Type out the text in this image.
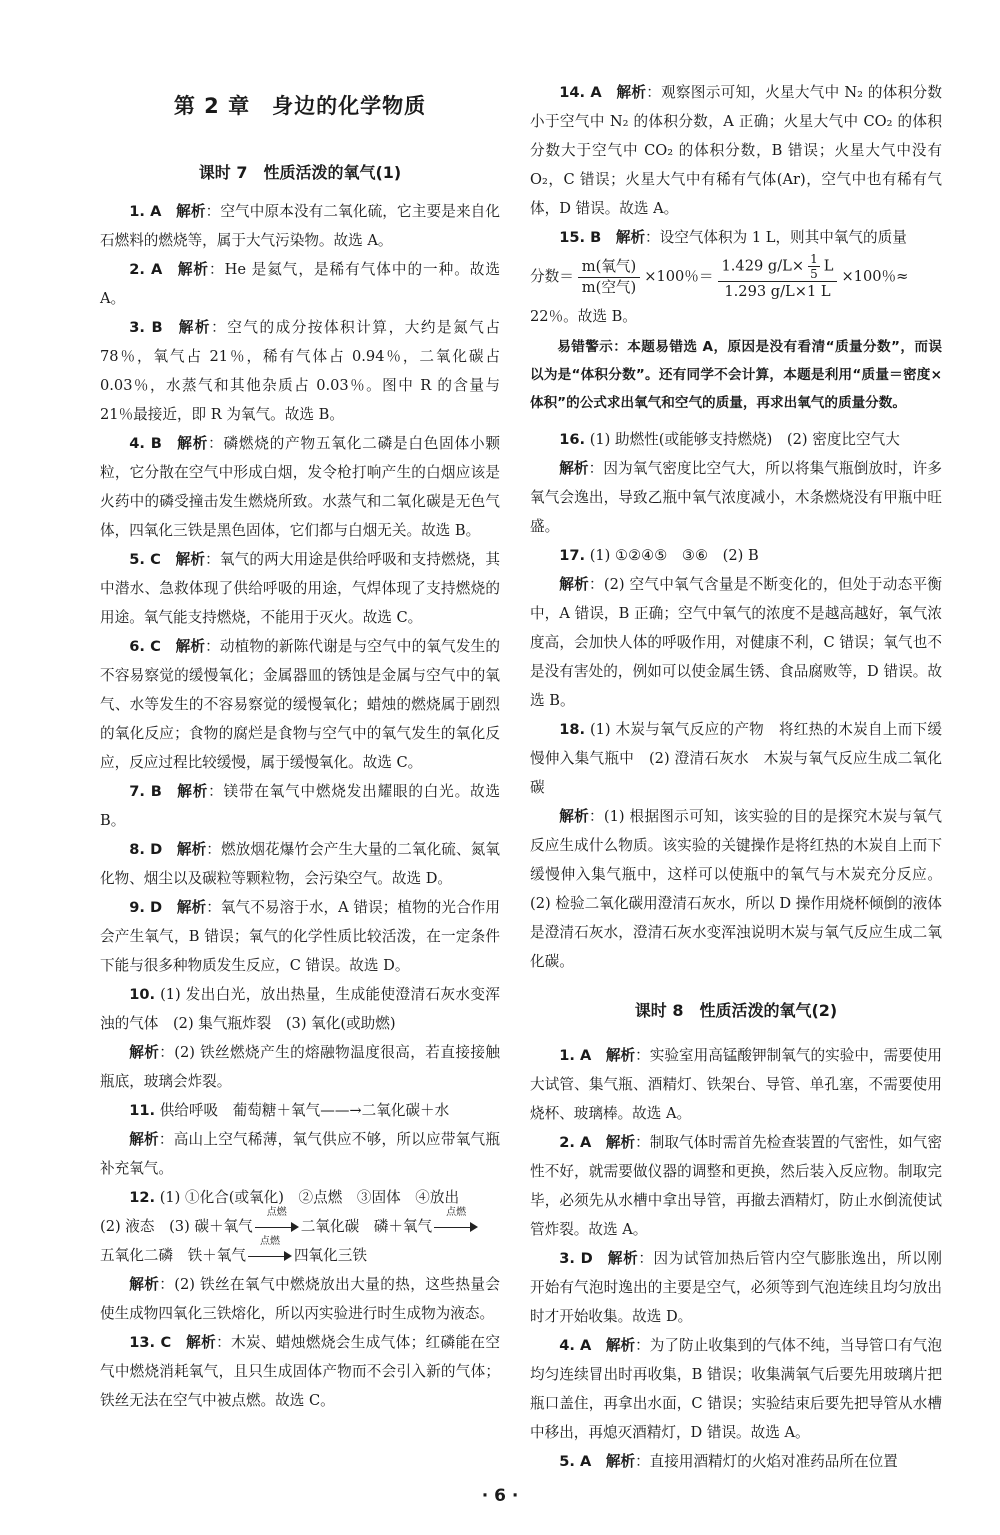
第 2 章　身边的化学物质
课时 7　性质活泼的氧气(1)

1. A  解析：空气中原本没有二氧化硫，它主要是来自化石燃料的燃烧等，属于大气污染物。故选 A。

2. A  解析：He 是氦气，是稀有气体中的一种。故选 A。

3. B  解析：空气的成分按体积计算，大约是氮气占 78％，氧气占 21％，稀有气体占 0.94％，二氧化碳占 0.03％，水蒸气和其他杂质占 0.03％。图中 R 的含量与 21％最接近，即 R 为氧气。故选 B。

4. B  解析：磷燃烧的产物五氧化二磷是白色固体小颗粒，它分散在空气中形成白烟，发令枪打响产生的白烟应该是火药中的磷受撞击发生燃烧所致。水蒸气和二氧化碳是无色气体，四氧化三铁是黑色固体，它们都与白烟无关。故选 B。

5. C  解析：氧气的两大用途是供给呼吸和支持燃烧，其中潜水、急救体现了供给呼吸的用途，气焊体现了支持燃烧的用途。氧气能支持燃烧，不能用于灭火。故选 C。

6. C  解析：动植物的新陈代谢是与空气中的氧气发生的不容易察觉的缓慢氧化；金属器皿的锈蚀是金属与空气中的氧气、水等发生的不容易察觉的缓慢氧化；蜡烛的燃烧属于剧烈的氧化反应；食物的腐烂是食物与空气中的氧气发生的氧化反应，反应过程比较缓慢，属于缓慢氧化。故选 C。

7. B  解析：镁带在氧气中燃烧发出耀眼的白光。故选 B。

8. D  解析：燃放烟花爆竹会产生大量的二氧化硫、氮氧化物、烟尘以及碳粒等颗粒物，会污染空气。故选 D。

9. D　解析：氧气不易溶于水，A 错误；植物的光合作用会产生氧气，B 错误；氧气的化学性质比较活泼，在一定条件下能与很多种物质发生反应，C 错误。故选 D。

10. (1) 发出白光，放出热量，生成能使澄清石灰水变浑浊的气体　(2) 集气瓶炸裂　(3) 氧化(或助燃)

解析：(2) 铁丝燃烧产生的熔融物温度很高，若直接接触瓶底，玻璃会炸裂。

11. 供给呼吸　葡萄糖＋氧气——→二氧化碳＋水

解析：高山上空气稀薄，氧气供应不够，所以应带氧气瓶补充氧气。

12. (1) ①化合(或氧化)　②点燃　③固体　④放出

(2) 液态　(3) 碳＋氧气
点燃
二氧化碳　磷＋氧气
点燃
五氧化二磷　铁＋氧气
点燃
四氧化三铁

解析：(2) 铁丝在氧气中燃烧放出大量的热，这些热量会使生成物四氧化三铁熔化，所以丙实验进行时生成物为液态。

13. C  解析：木炭、蜡烛燃烧会生成气体；红磷能在空气中燃烧消耗氧气，且只生成固体产物而不会引入新的气体；铁丝无法在空气中被点燃。故选 C。

14. A  解析：观察图示可知，火星大气中 N₂ 的体积分数小于空气中 N₂ 的体积分数，A 正确；火星大气中 CO₂ 的体积分数大于空气中 CO₂ 的体积分数，B 错误；火星大气中没有 O₂，C 错误；火星大气中有稀有气体(Ar)，空气中也有稀有气体，D 错误。故选 A。

15. B  解析：设空气体积为 1 L，则其中氧气的质量

分数＝ $\frac{\text{m(氧气)}}{\text{m(空气)}} \times 100$％＝ $\frac{1.429 g/L\times \frac{1}{5} L}{1.293 g/L\times 1 L} \times 100$％≈
22％。故选 B。
易错警示：本题易错选 A，原因是没有看清“质量分数”，而误以为是“体积分数”。还有同学不会计算，本题是利用“质量＝密度×体积”的公式求出氧气和空气的质量，再求出氧气的质量分数。

16. (1) 助燃性(或能够支持燃烧)　(2) 密度比空气大

解析：因为氧气密度比空气大，所以将集气瓶倒放时，许多氧气会逸出，导致乙瓶中氧气浓度减小，木条燃烧没有甲瓶中旺盛。

17. (1) ①②④⑤　③⑥　(2) B

解析：(2) 空气中氧气含量是不断变化的，但处于动态平衡中，A 错误，B 正确；空气中氧气的浓度不是越高越好，氧气浓度高，会加快人体的呼吸作用，对健康不利，C 错误；氧气也不是没有害处的，例如可以使金属生锈、食品腐败等，D 错误。故选 B。

18. (1) 木炭与氧气反应的产物　将红热的木炭自上而下缓慢伸入集气瓶中　(2) 澄清石灰水　木炭与氧气反应生成二氧化碳

解析：(1) 根据图示可知，该实验的目的是探究木炭与氧气反应生成什么物质。该实验的关键操作是将红热的木炭自上而下缓慢伸入集气瓶中，这样可以使瓶中的氧气与木炭充分反应。(2) 检验二氧化碳用澄清石灰水，所以 D 操作用烧杯倾倒的液体是澄清石灰水，澄清石灰水变浑浊说明木炭与氧气反应生成二氧化碳。

课时 8　性质活泼的氧气(2)

1. A  解析：实验室用高锰酸钾制氧气的实验中，需要使用大试管、集气瓶、酒精灯、铁架台、导管、单孔塞，不需要使用烧杯、玻璃棒。故选 A。

2. A  解析：制取气体时需首先检查装置的气密性，如气密性不好，就需要做仪器的调整和更换，然后装入反应物。制取完毕，必须先从水槽中拿出导管，再撤去酒精灯，防止水倒流使试管炸裂。故选 A。

3. D  解析：因为试管加热后管内空气膨胀逸出，所以刚开始有气泡时逸出的主要是空气，必须等到气泡连续且均匀放出时才开始收集。故选 D。

4. A  解析：为了防止收集到的气体不纯，当导管口有气泡均匀连续冒出时再收集，B 错误；收集满氧气后要先用玻璃片把瓶口盖住，再拿出水面，C 错误；实验结束后要先把导管从水槽中移出，再熄灭酒精灯，D 错误。故选 A。

5. A  解析：直接用酒精灯的火焰对准药品所在位置

· 6 ·
